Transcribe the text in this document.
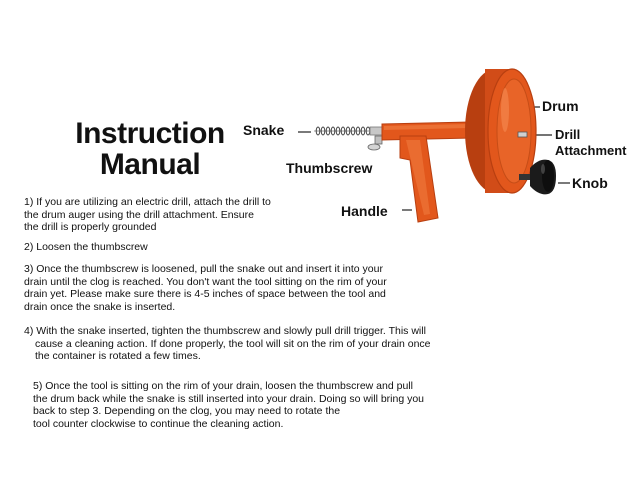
Instruction
Manual
Snake
Thumbscrew
Handle
Drum
Drill
Attachment
Knob
1) If you are utilizing an electric drill, attach the drill to
the drum auger using the drill attachment. Ensure
the drill is properly grounded
2) Loosen the thumbscrew
3) Once the thumbscrew is loosened, pull the snake out and insert it into your
drain until the clog is reached. You don't want the tool sitting on the rim of your
drain yet. Please make sure there is 4-5 inches of space between the tool and
drain once the snake is inserted.
4) With the snake inserted, tighten the thumbscrew and slowly pull drill trigger. This will
cause a cleaning action. If done properly, the tool will sit on the rim of your drain once
the container is rotated a few times.
5) Once the tool is sitting on the rim of your drain, loosen the thumbscrew and pull
the drum back while the snake is still inserted into your drain. Doing so will bring you
back to step 3. Depending on the clog, you may need to rotate the
tool counter clockwise to continue the cleaning action.
